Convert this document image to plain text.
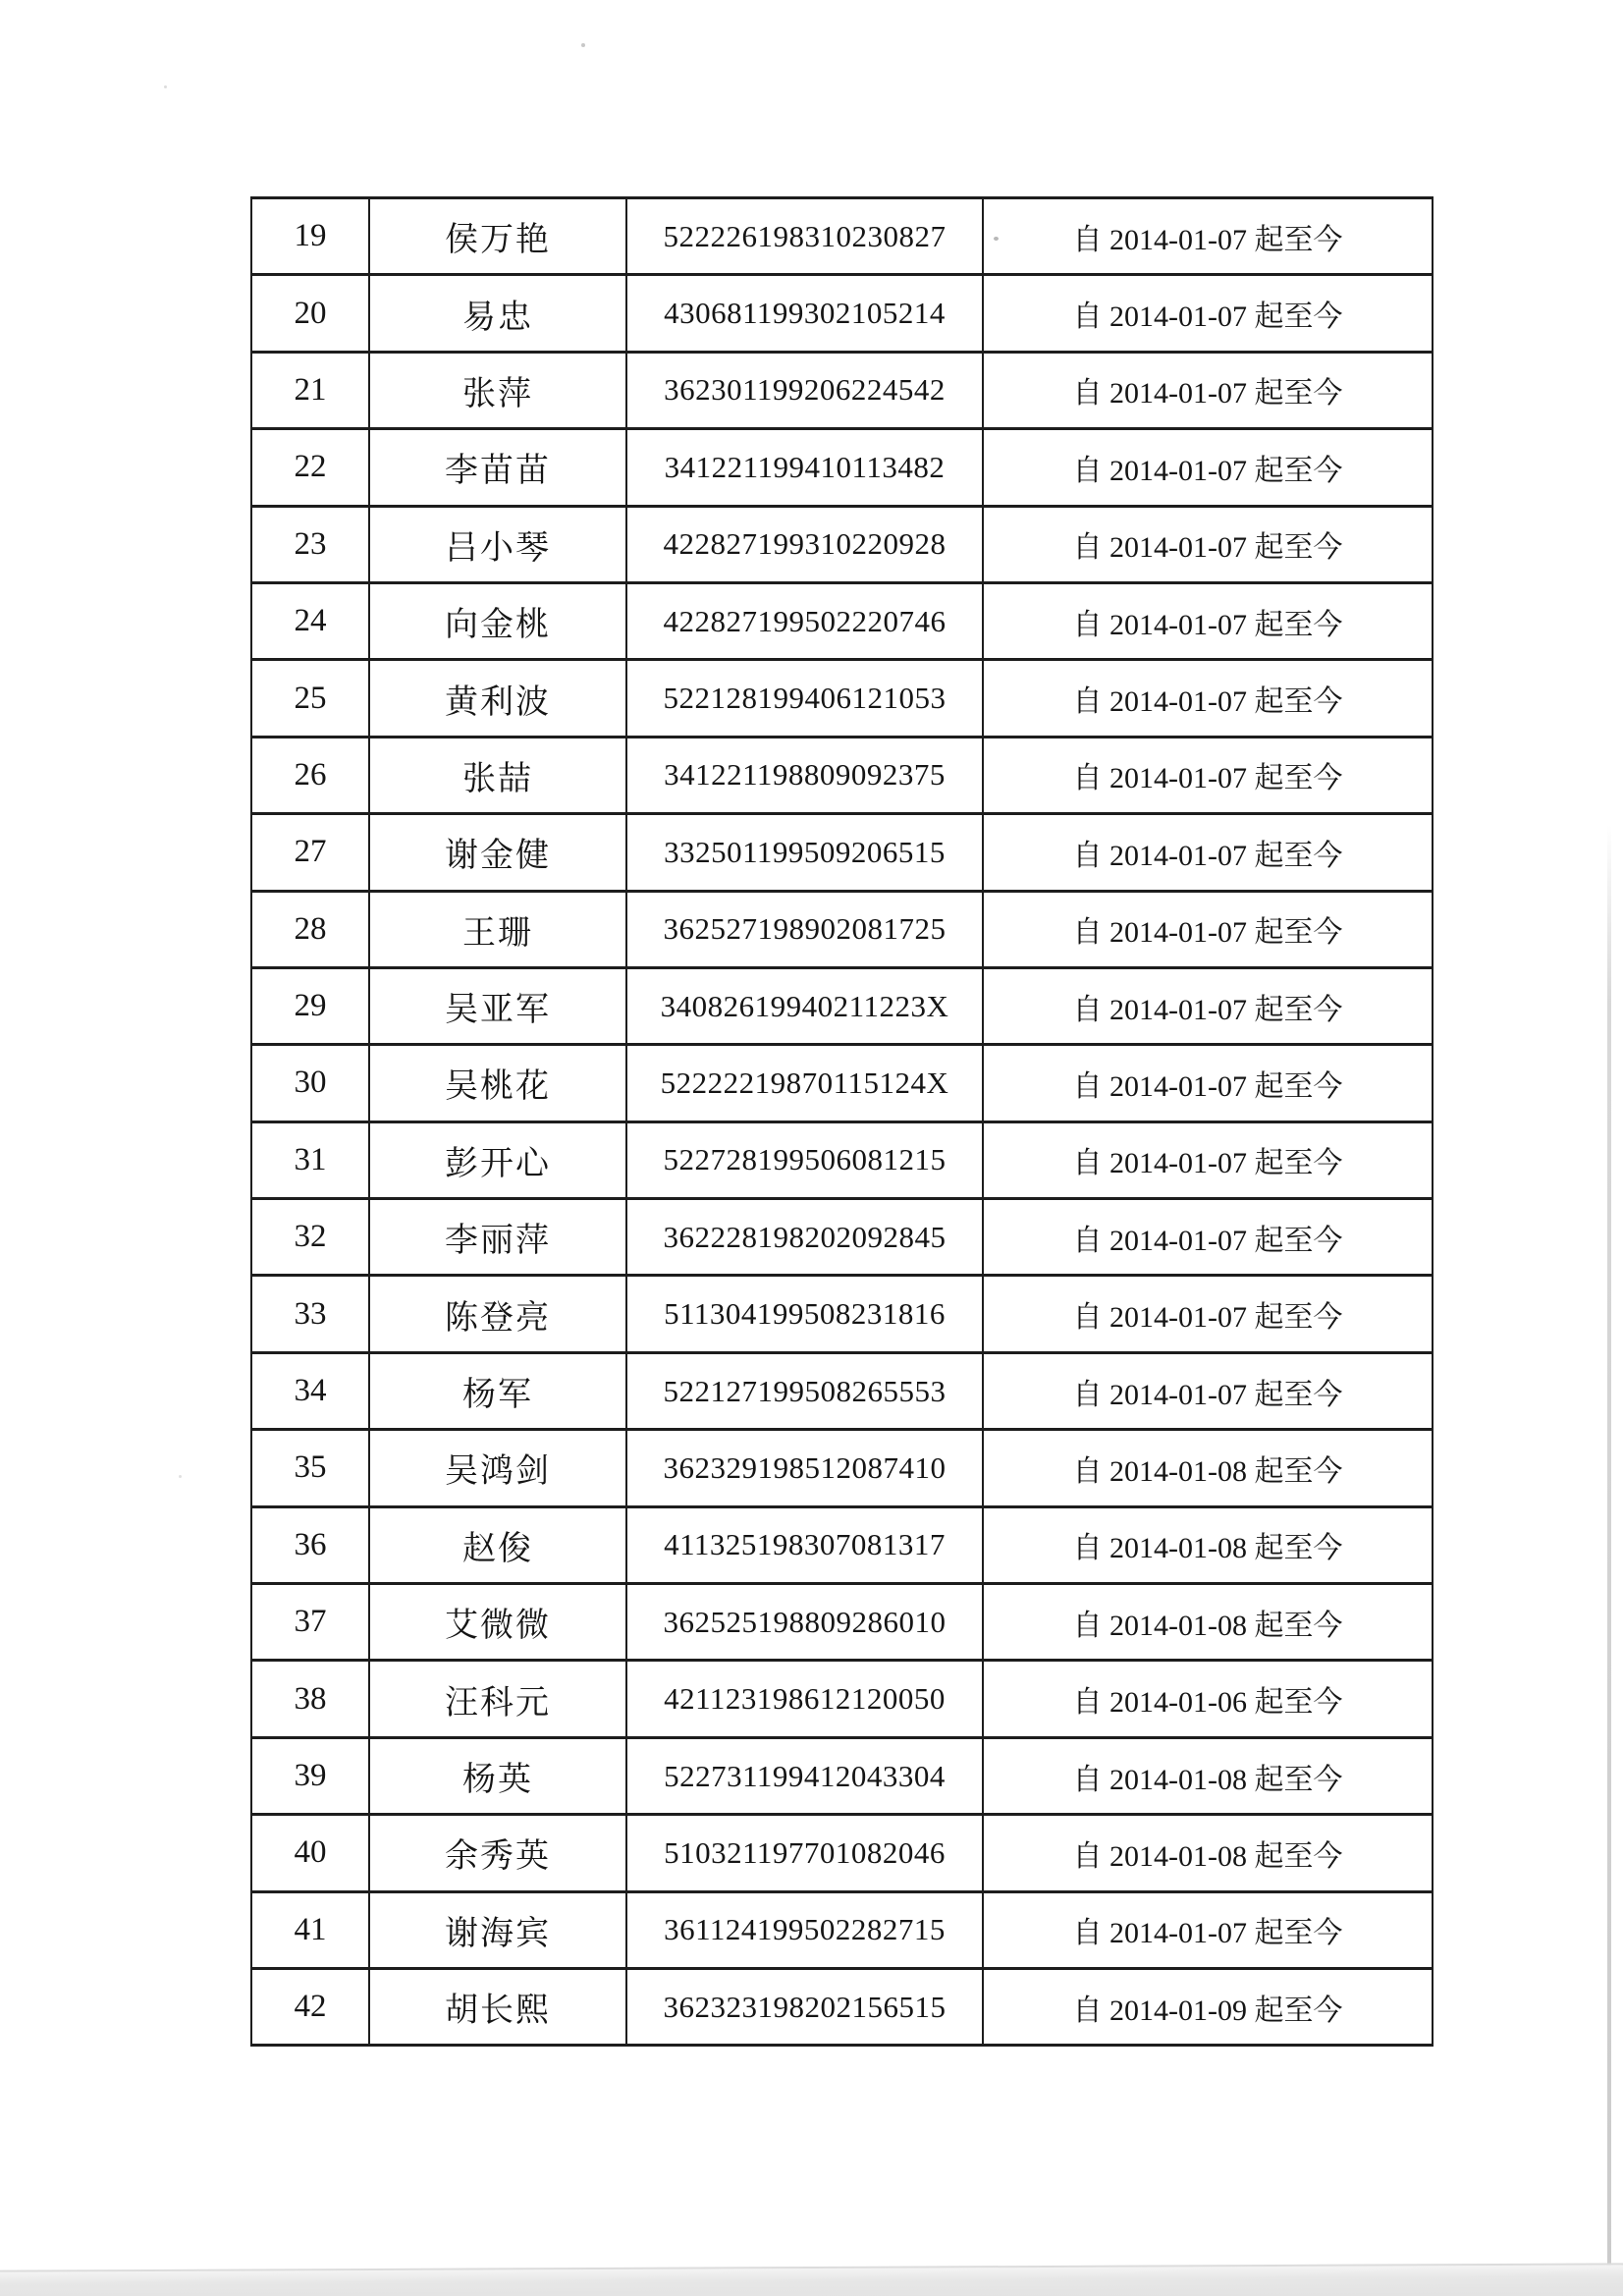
19	侯万艳	522226198310230827	自 2014-01-07 起至今
20	易忠	430681199302105214	自 2014-01-07 起至今
21	张萍	362301199206224542	自 2014-01-07 起至今
22	李苗苗	341221199410113482	自 2014-01-07 起至今
23	吕小琴	422827199310220928	自 2014-01-07 起至今
24	向金桃	422827199502220746	自 2014-01-07 起至今
25	黄利波	522128199406121053	自 2014-01-07 起至今
26	张喆	341221198809092375	自 2014-01-07 起至今
27	谢金健	332501199509206515	自 2014-01-07 起至今
28	王珊	362527198902081725	自 2014-01-07 起至今
29	吴亚军	34082619940211223X	自 2014-01-07 起至今
30	吴桃花	52222219870115124X	自 2014-01-07 起至今
31	彭开心	522728199506081215	自 2014-01-07 起至今
32	李丽萍	362228198202092845	自 2014-01-07 起至今
33	陈登亮	511304199508231816	自 2014-01-07 起至今
34	杨军	522127199508265553	自 2014-01-07 起至今
35	吴鸿剑	362329198512087410	自 2014-01-08 起至今
36	赵俊	411325198307081317	自 2014-01-08 起至今
37	艾微微	362525198809286010	自 2014-01-08 起至今
38	汪科元	421123198612120050	自 2014-01-06 起至今
39	杨英	522731199412043304	自 2014-01-08 起至今
40	余秀英	510321197701082046	自 2014-01-08 起至今
41	谢海宾	361124199502282715	自 2014-01-07 起至今
42	胡长熙	362323198202156515	自 2014-01-09 起至今
